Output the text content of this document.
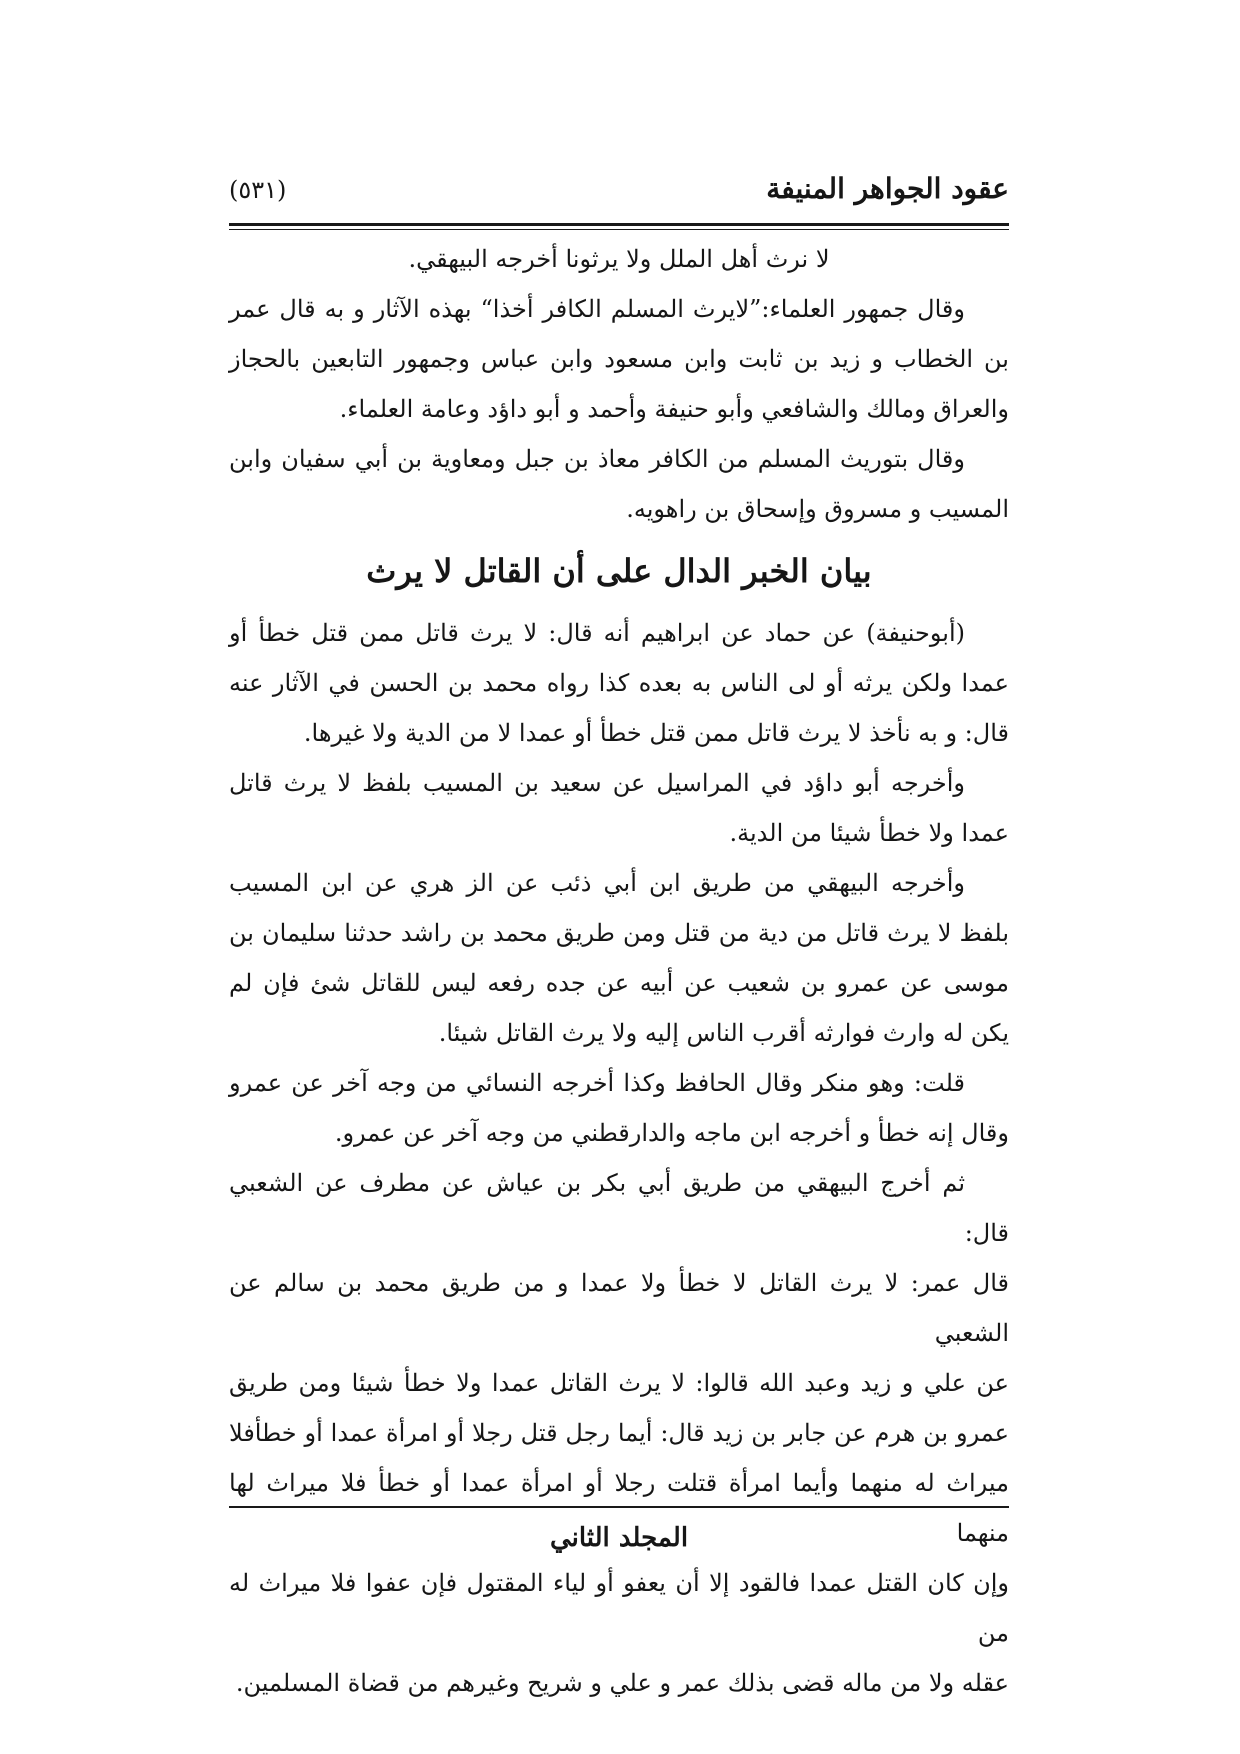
عقود الجواهر المنيفة
(٥٣١)
لا نرث أهل الملل ولا يرثونا أخرجه البيهقي.
وقال جمهور العلماء:”لايرث المسلم الكافر أخذا“ بهذه الآثار و به قال عمر
بن الخطاب و زيد بن ثابت وابن مسعود وابن عباس وجمهور التابعين بالحجاز
والعراق ومالك والشافعي وأبو حنيفة وأحمد و أبو داؤد وعامة العلماء.
وقال بتوريث المسلم من الكافر معاذ بن جبل ومعاوية بن أبي سفيان وابن
المسيب و مسروق وإسحاق بن راهويه.
بيان الخبر الدال على أن القاتل لا يرث
(أبوحنيفة) عن حماد عن ابراهيم أنه قال: لا يرث قاتل ممن قتل خطأ أو
عمدا ولكن يرثه أو لى الناس به بعده كذا رواه محمد بن الحسن في الآثار عنه
قال: و به نأخذ لا يرث قاتل ممن قتل خطأ أو عمدا لا من الدية ولا غيرها.
وأخرجه أبو داؤد في المراسيل عن سعيد بن المسيب بلفظ لا يرث قاتل
عمدا ولا خطأ شيئا من الدية.
وأخرجه البيهقي من طريق ابن أبي ذئب عن الز هري عن ابن المسيب
بلفظ لا يرث قاتل من دية من قتل ومن طريق محمد بن راشد حدثنا سليمان بن
موسى عن عمرو بن شعيب عن أبيه عن جده رفعه ليس للقاتل شئ فإن لم
يكن له وارث فوارثه أقرب الناس إليه ولا يرث القاتل شيئا.
قلت: وهو منكر وقال الحافظ وكذا أخرجه النسائي من وجه آخر عن عمرو
وقال إنه خطأ و أخرجه ابن ماجه والدارقطني من وجه آخر عن عمرو.
ثم أخرج البيهقي من طريق أبي بكر بن عياش عن مطرف عن الشعبي قال:
قال عمر: لا يرث القاتل لا خطأ ولا عمدا و من طريق محمد بن سالم عن الشعبي
عن علي و زيد وعبد الله قالوا: لا يرث القاتل عمدا ولا خطأ شيئا ومن طريق
عمرو بن هرم عن جابر بن زيد قال: أيما رجل قتل رجلا أو امرأة عمدا أو خطأفلا
ميراث له منهما وأيما امرأة قتلت رجلا أو امرأة عمدا أو خطأ فلا ميراث لها منهما
وإن كان القتل عمدا فالقود إلا أن يعفو أو لياء المقتول فإن عفوا فلا ميراث له من
عقله ولا من ماله قضى بذلك عمر و علي و شريح وغيرهم من قضاة المسلمين.
المجلد الثاني
